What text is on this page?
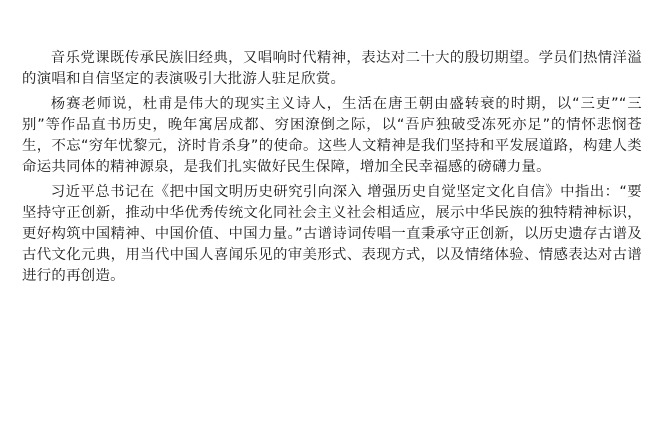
音乐党课既传承民族旧经典，又唱响时代精神，表达对二十大的殷切期望。学员们热情洋溢的演唱和自信坚定的表演吸引大批游人驻足欣赏。

杨赛老师说，杜甫是伟大的现实主义诗人，生活在唐王朝由盛转衰的时期，以“三吏”“三别”等作品直书历史，晚年寓居成都、穷困潦倒之际，以“吾庐独破受冻死亦足”的情怀悲悯苍生，不忘“穷年忧黎元，济时肯杀身”的使命。这些人文精神是我们坚持和平发展道路，构建人类命运共同体的精神源泉，是我们扎实做好民生保障，增加全民幸福感的磅礴力量。

习近平总书记在《把中国文明历史研究引向深入 增强历史自觉坚定文化自信》中指出：“要坚持守正创新，推动中华优秀传统文化同社会主义社会相适应，展示中华民族的独特精神标识，更好构筑中国精神、中国价值、中国力量。”古谱诗词传唱一直秉承守正创新，以历史遗存古谱及古代文化元典，用当代中国人喜闻乐见的审美形式、表现方式，以及情绪体验、情感表达对古谱进行的再创造。
